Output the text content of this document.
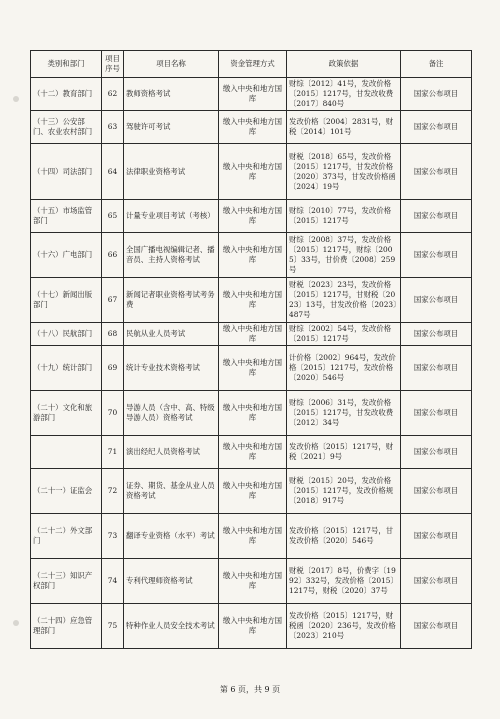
类别和部门	项目序号	项目名称	资金管理方式	政策依据	备注
（十二）教育部门	62	教师资格考试	缴入中央和地方国库	财综〔2012〕41号，发改价格〔2015〕1217号，甘发改收费〔2017〕840号	国家公布项目
（十三）公安部门、农业农村部门	63	驾驶许可考试	缴入中央和地方国库	发改价格〔2004〕2831号，财税〔2014〕101号	国家公布项目
（十四）司法部门	64	法律职业资格考试	缴入中央和地方国库	财税〔2018〕65号，发改价格〔2015〕1217号，甘发改价格〔2020〕373号，甘发改价格函〔2024〕19号	国家公布项目
（十五）市场监管部门	65	计量专业项目考试（考核）	缴入中央和地方国库	财综〔2010〕77号，发改价格〔2015〕1217号	国家公布项目
（十六）广电部门	66	全国广播电视编辑记者、播音员、主持人资格考试	缴入中央和地方国库	财综〔2008〕37号，发改价格〔2015〕1217号，财综〔2005〕33号，甘价费〔2008〕259号	国家公布项目
（十七）新闻出版部门	67	新闻记者职业资格考试考务费	缴入中央和地方国库	财税〔2023〕23号，发改价格〔2015〕1217号，甘财税〔2023〕13号，甘发改价格〔2023〕487号	国家公布项目
（十八）民航部门	68	民航从业人员考试	缴入中央和地方国库	财综〔2002〕54号，发改价格〔2015〕1217号	国家公布项目
（十九）统计部门	69	统计专业技术资格考试	缴入中央和地方国库	计价格〔2002〕964号，发改价格〔2015〕1217号，发改价格〔2020〕546号	国家公布项目
（二十）文化和旅游部门	70	导游人员（含中、高、特级导游人员）资格考试	缴入中央和地方国库	财综〔2006〕31号，发改价格〔2015〕1217号，甘发改收费〔2012〕34号	国家公布项目
	71	演出经纪人员资格考试	缴入中央和地方国库	发改价格〔2015〕1217号，财税〔2021〕9号	国家公布项目
（二十一）证监会	72	证券、期货、基金从业人员资格考试	缴入中央和地方国库	财税〔2015〕20号，发改价格〔2015〕1217号，发改价格规〔2018〕917号	国家公布项目
（二十二）外文部门	73	翻译专业资格（水平）考试	缴入中央和地方国库	发改价格〔2015〕1217号，甘发改价格〔2020〕546号	国家公布项目
（二十三）知识产权部门	74	专利代理师资格考试	缴入中央和地方国库	财税〔2017〕8号，价费字〔1992〕332号，发改价格〔2015〕1217号，财税〔2020〕37号	国家公布项目
（二十四）应急管理部门	75	特种作业人员安全技术考试	缴入中央和地方国库	发改价格〔2015〕1217号，财税函〔2020〕236号，发改价格〔2023〕210号	国家公布项目
第 6 页，共 9 页
